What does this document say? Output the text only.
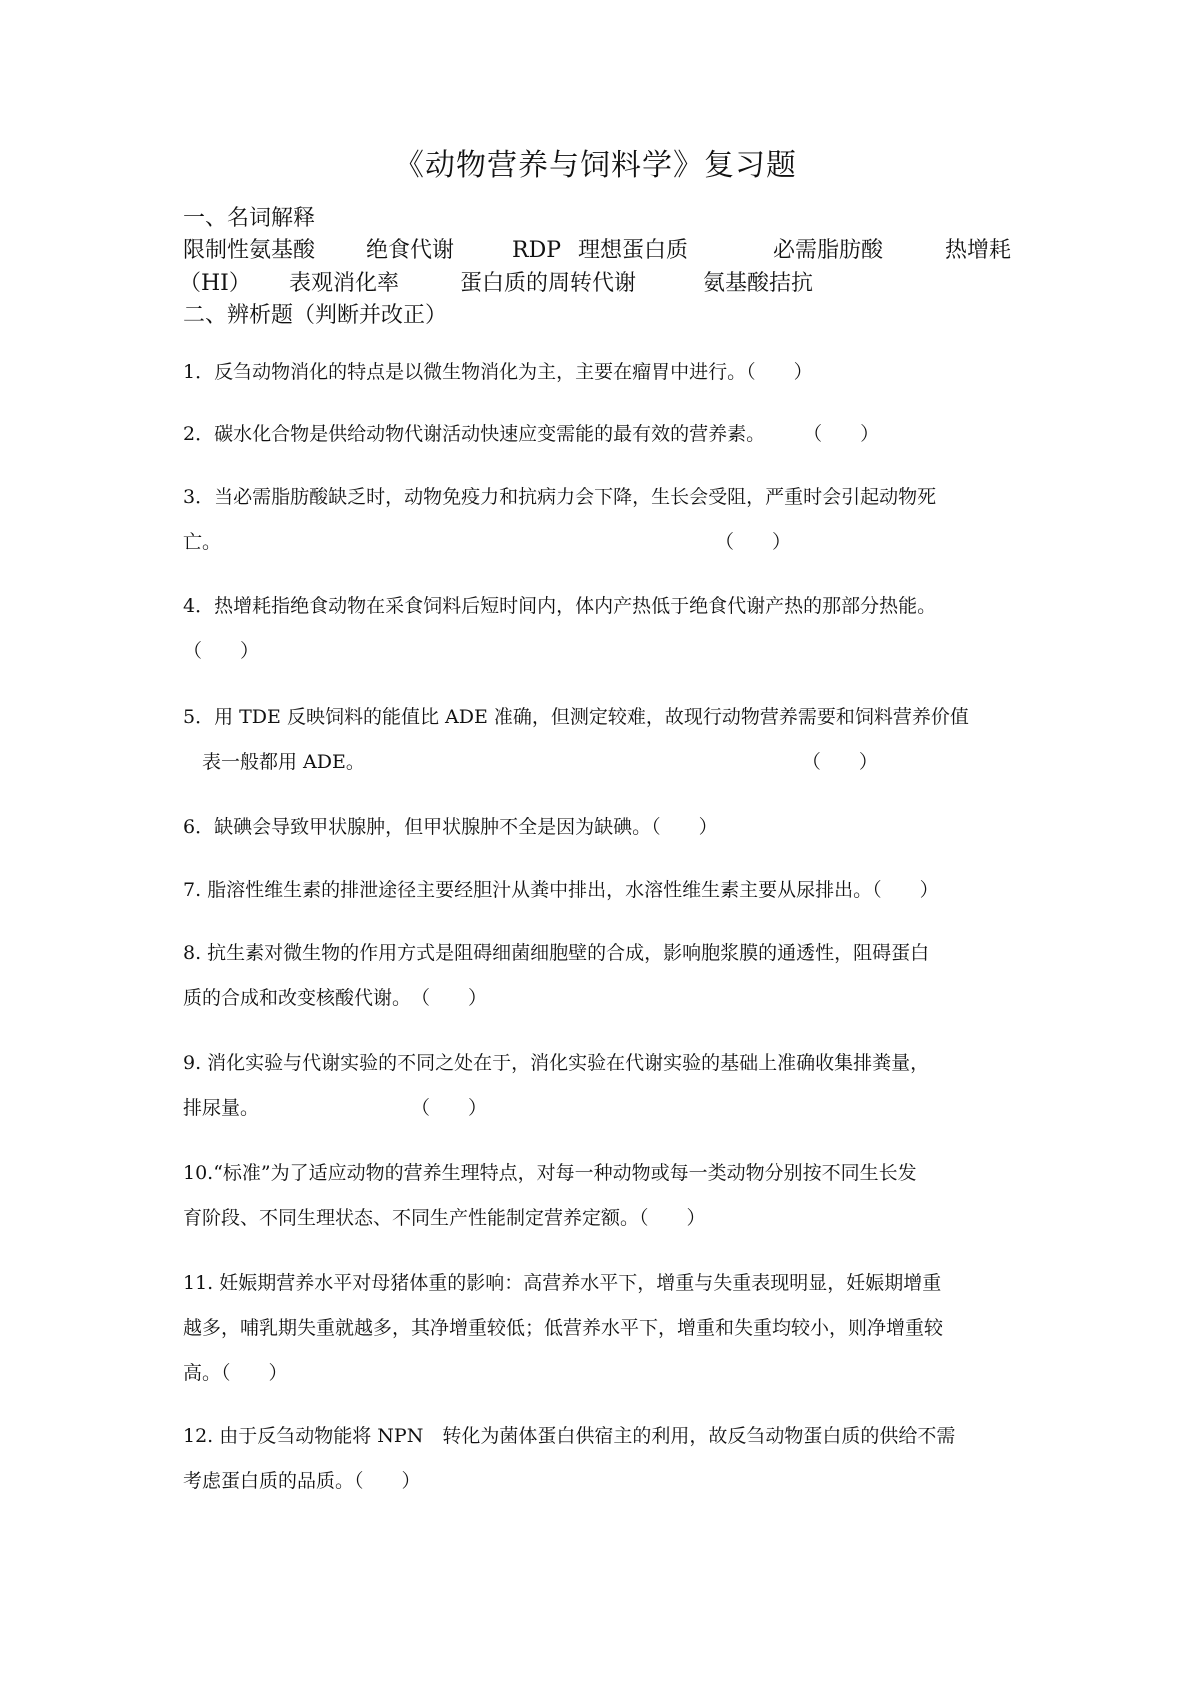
《动物营养与饲料学》复习题
一、名词解释
限制性氨基酸 绝食代谢	RDP 理想蛋白质	必需脂肪酸	热增耗
（HI） 表观消化率	蛋白质的周转代谢	氨基酸拮抗
二、辨析题（判断并改正）
1．反刍动物消化的特点是以微生物消化为主，主要在瘤胃中进行。（　　）
2．碳水化合物是供给动物代谢活动快速应变需能的最有效的营养素。　　　（　　）
3．当必需脂肪酸缺乏时，动物免疫力和抗病力会下降，生长会受阻，严重时会引起动物死
亡。　　　　　　　　　　　　　　　　　　　　　　　　　　　（　　）
4．热增耗指绝食动物在采食饲料后短时间内，体内产热低于绝食代谢产热的那部分热能。
（　　）
5．用 TDE 反映饲料的能值比 ADE 准确，但测定较难，故现行动物营养需要和饲料营养价值
　表一般都用 ADE。　　　　　　　　　　　　　　　　　　　　　　　　（　　）
6．缺碘会导致甲状腺肿，但甲状腺肿不全是因为缺碘。（　　）
7. 脂溶性维生素的排泄途径主要经胆汁从粪中排出，水溶性维生素主要从尿排出。（　　）
8. 抗生素对微生物的作用方式是阻碍细菌细胞壁的合成，影响胞浆膜的通透性，阻碍蛋白
质的合成和改变核酸代谢。　（　　）
9. 消化实验与代谢实验的不同之处在于，消化实验在代谢实验的基础上准确收集排粪量，
排尿量。　　　　　　　　　（　　）
10.“标准”为了适应动物的营养生理特点，对每一种动物或每一类动物分别按不同生长发
育阶段、不同生理状态、不同生产性能制定营养定额。（　　）
11. 妊娠期营养水平对母猪体重的影响：高营养水平下，增重与失重表现明显，妊娠期增重
越多，哺乳期失重就越多，其净增重较低；低营养水平下，增重和失重均较小，则净增重较
高。（　　）
12. 由于反刍动物能将 NPN　转化为菌体蛋白供宿主的利用，故反刍动物蛋白质的供给不需
考虑蛋白质的品质。（　　）
